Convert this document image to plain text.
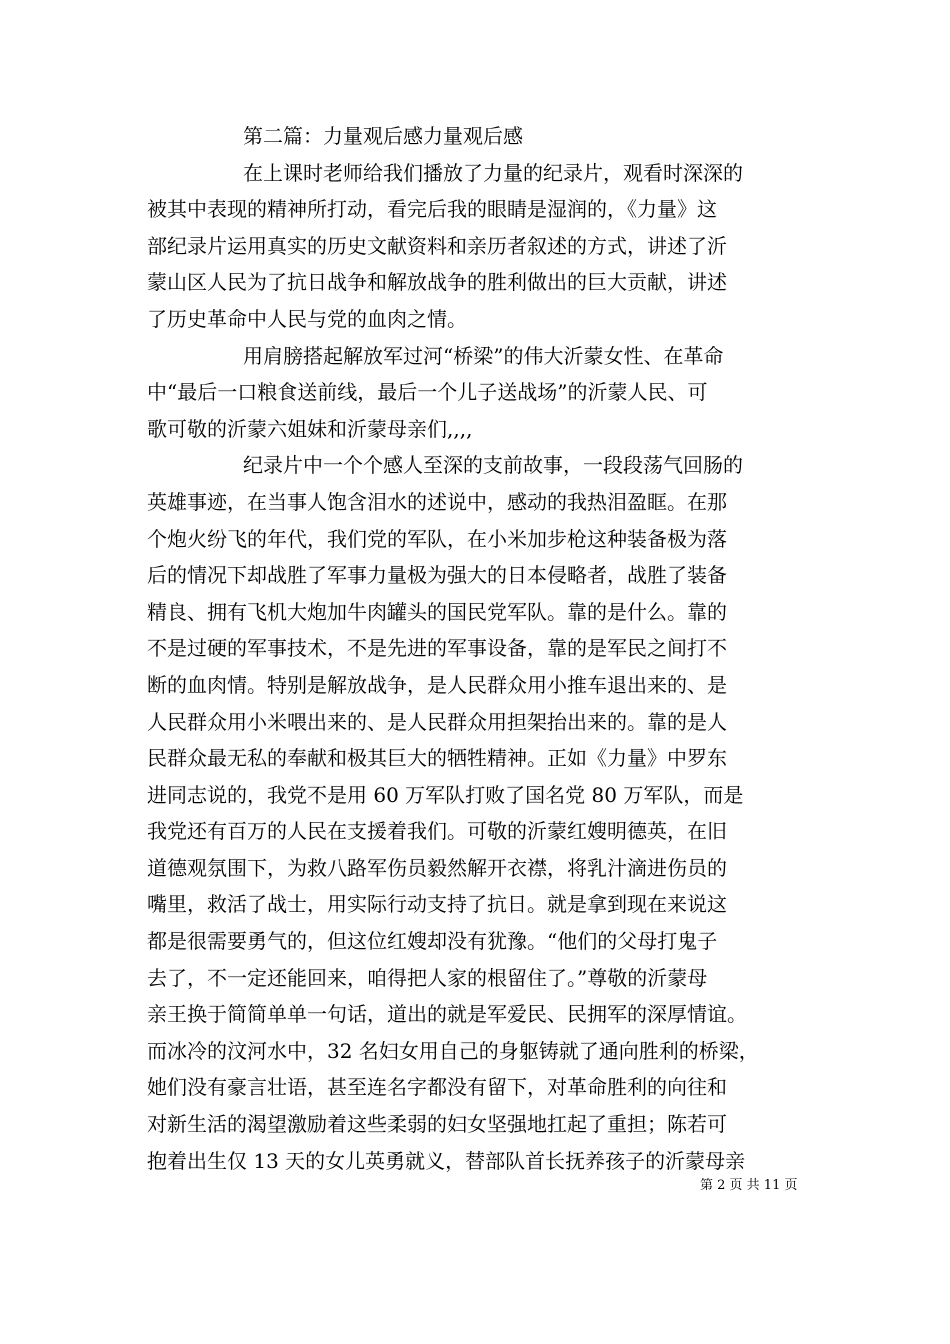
第二篇：力量观后感力量观后感
在上课时老师给我们播放了力量的纪录片，观看时深深的
被其中表现的精神所打动，看完后我的眼睛是湿润的，《力量》这
部纪录片运用真实的历史文献资料和亲历者叙述的方式，讲述了沂
蒙山区人民为了抗日战争和解放战争的胜利做出的巨大贡献，讲述
了历史革命中人民与党的血肉之情。
用肩膀搭起解放军过河“桥梁”的伟大沂蒙女性、在革命
中“最后一口粮食送前线，最后一个儿子送战场”的沂蒙人民、可
歌可敬的沂蒙六姐妹和沂蒙母亲们,,,,
纪录片中一个个感人至深的支前故事，一段段荡气回肠的
英雄事迹，在当事人饱含泪水的述说中，感动的我热泪盈眶。在那
个炮火纷飞的年代，我们党的军队，在小米加步枪这种装备极为落
后的情况下却战胜了军事力量极为强大的日本侵略者，战胜了装备
精良、拥有飞机大炮加牛肉罐头的国民党军队。靠的是什么。靠的
不是过硬的军事技术，不是先进的军事设备，靠的是军民之间打不
断的血肉情。特别是解放战争，是人民群众用小推车退出来的、是
人民群众用小米喂出来的、是人民群众用担架抬出来的。靠的是人
民群众最无私的奉献和极其巨大的牺牲精神。正如《力量》中罗东
进同志说的，我党不是用 60 万军队打败了国名党 80 万军队，而是
我党还有百万的人民在支援着我们。可敬的沂蒙红嫂明德英，在旧
道德观氛围下，为救八路军伤员毅然解开衣襟，将乳汁滴进伤员的
嘴里，救活了战士，用实际行动支持了抗日。就是拿到现在来说这
都是很需要勇气的，但这位红嫂却没有犹豫。“他们的父母打鬼子
去了，不一定还能回来，咱得把人家的根留住了。”尊敬的沂蒙母
亲王换于简简单单一句话，道出的就是军爱民、民拥军的深厚情谊。
而冰冷的汶河水中，32 名妇女用自己的身躯铸就了通向胜利的桥梁，
她们没有豪言壮语，甚至连名字都没有留下，对革命胜利的向往和
对新生活的渴望激励着这些柔弱的妇女坚强地扛起了重担；陈若可
抱着出生仅 13 天的女儿英勇就义，替部队首长抚养孩子的沂蒙母亲
第 2 页 共 11 页
